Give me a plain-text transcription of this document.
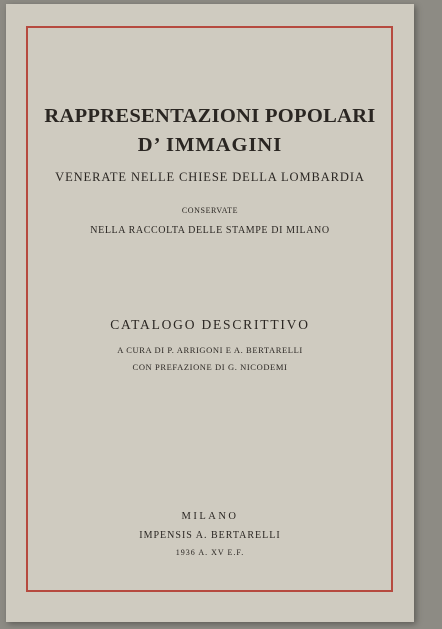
RAPPRESENTAZIONI POPOLARI
D’ IMMAGINI
VENERATE NELLE CHIESE DELLA LOMBARDIA
CONSERVATE
NELLA RACCOLTA DELLE STAMPE DI MILANO
CATALOGO DESCRITTIVO
A CURA DI P. ARRIGONI E A. BERTARELLI
CON PREFAZIONE DI G. NICODEMI
MILANO
IMPENSIS A. BERTARELLI
1936 A. XV E.F.
